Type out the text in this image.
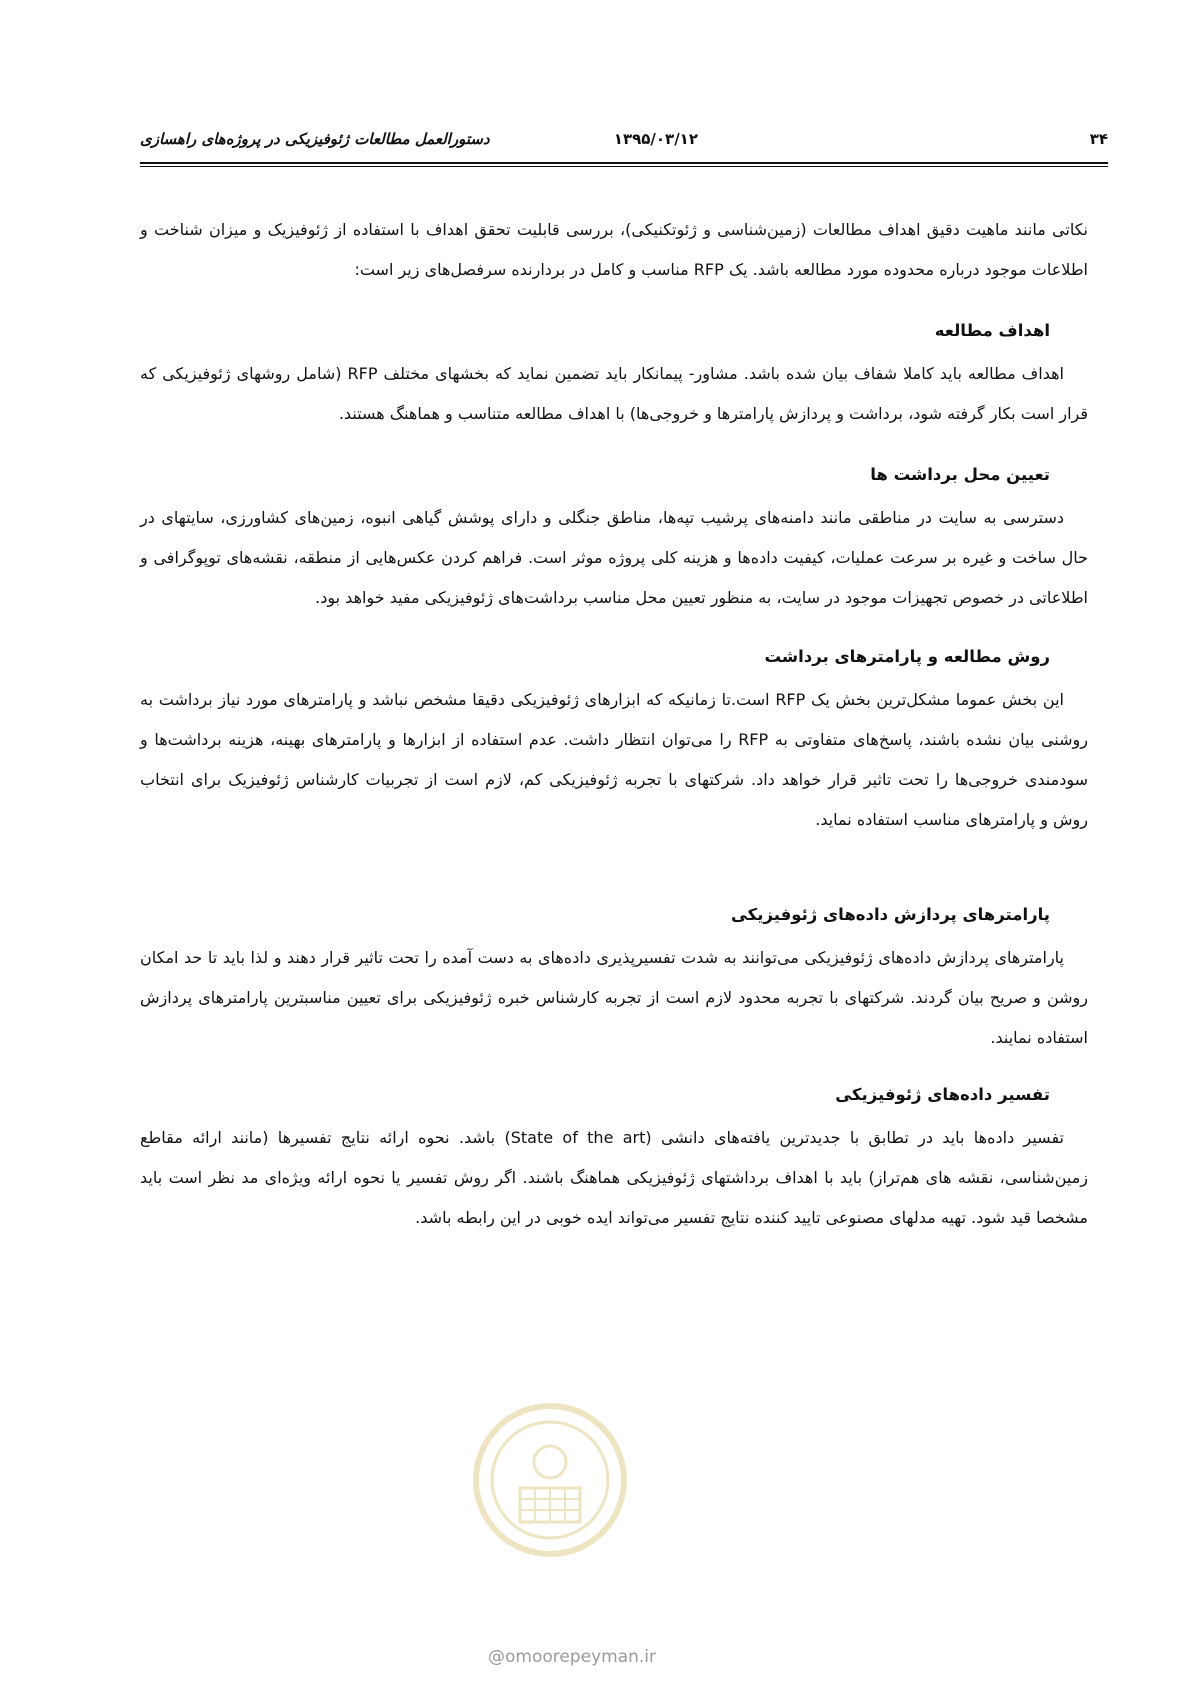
۳۴
۱۳۹۵/۰۳/۱۲
دستورالعمل مطالعات ژئوفیزیکی در پروژه‌های راهسازی

نکاتی مانند ماهیت دقیق اهداف مطالعات (زمین‌شناسی و ژئوتکنیکی)، بررسی قابلیت تحقق اهداف با استفاده از ژئوفیزیک و میزان شناخت و اطلاعات موجود درباره محدوده مورد مطالعه باشد. یک RFP مناسب و کامل در بردارنده سرفصل‌های زیر است:

اهداف مطالعه

اهداف مطالعه باید کاملا شفاف بیان شده باشد. مشاور- پیمانکار باید تضمین نماید که بخشهای مختلف RFP (شامل روشهای ژئوفیزیکی که قرار است بکار گرفته شود، برداشت و پردازش پارامترها و خروجی‌ها) با اهداف مطالعه متناسب و هماهنگ هستند.

تعیین محل برداشت ها

دسترسی به سایت در مناطقی مانند دامنه‌های پرشیب تپه‌ها، مناطق جنگلی و دارای پوشش گیاهی انبوه، زمین‌های کشاورزی، سایتهای در حال ساخت و غیره بر سرعت عملیات، کیفیت داده‌ها و هزینه کلی پروژه موثر است. فراهم کردن عکس‌هایی از منطقه، نقشه‌های توپوگرافی و اطلاعاتی در خصوص تجهیزات موجود در سایت، به منظور تعیین محل مناسب برداشت‌های ژئوفیزیکی مفید خواهد بود.

روش مطالعه و پارامترهای برداشت

این بخش عموما مشکل‌ترین بخش یک RFP است.تا زمانیکه که ابزارهای ژئوفیزیکی دقیقا مشخص نباشد و پارامترهای مورد نیاز برداشت به روشنی بیان نشده باشند، پاسخ‌های متفاوتی به RFP را می‌توان انتظار داشت. عدم استفاده از ابزارها و پارامترهای بهینه، هزینه برداشت‌ها و سودمندی خروجی‌ها را تحت تاثیر قرار خواهد داد. شرکتهای با تجربه ژئوفیزیکی کم، لازم است از تجربیات کارشناس ژئوفیزیک برای انتخاب روش و پارامترهای مناسب استفاده نماید.

پارامترهای پردازش داده‌های ژئوفیزیکی

پارامترهای پردازش داده‌های ژئوفیزیکی می‌توانند به شدت تفسیرپذیری داده‌های به دست آمده را تحت تاثیر قرار دهند و لذا باید تا حد امکان روشن و صریح بیان گردند. شرکتهای با تجربه محدود لازم است از تجربه کارشناس خبره ژئوفیزیکی برای تعیین مناسبترین پارامترهای پردازش استفاده نمایند.

تفسیر داده‌های ژئوفیزیکی

تفسیر داده‌ها باید در تطابق با جدیدترین یافته‌های دانشی (State of the art) باشد. نحوه ارائه نتایج تفسیرها (مانند ارائه مقاطع زمین‌شناسی، نقشه های هم‌تراز) باید با اهداف برداشتهای ژئوفیزیکی هماهنگ باشند. اگر روش تفسیر یا نحوه ارائه ویژه‌ای مد نظر است باید مشخصا قید شود. تهیه مدلهای مصنوعی تایید کننده نتایج تفسیر می‌تواند ایده خوبی در این رابطه باشد.

@omoorepeyman.ir
